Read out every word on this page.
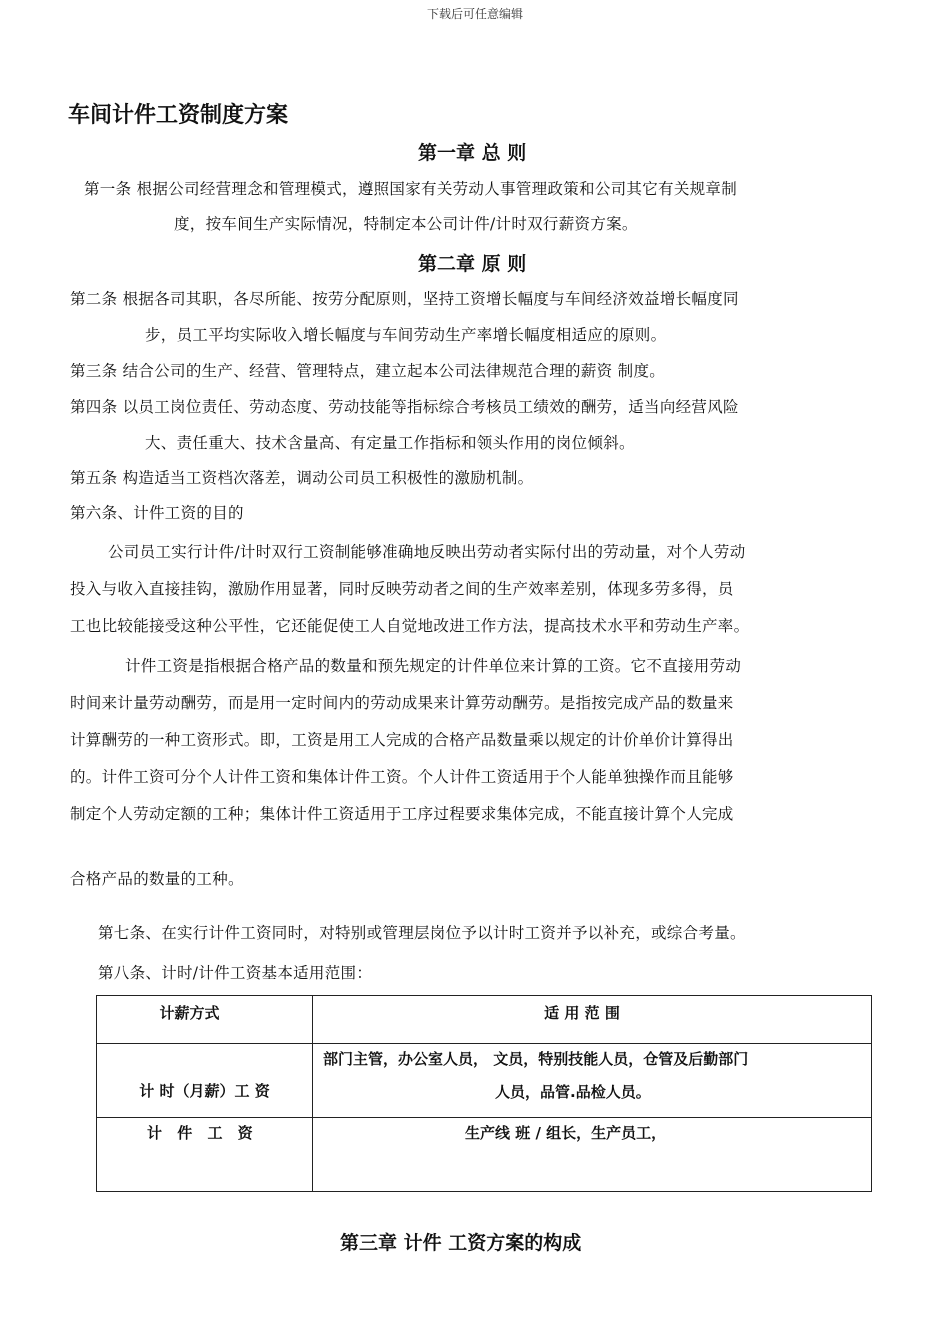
下载后可任意编辑
车间计件工资制度方案
第一章 总 则
第一条 根据公司经营理念和管理模式，遵照国家有关劳动人事管理政策和公司其它有关规章制
度，按车间生产实际情况，特制定本公司计件/计时双行薪资方案。
第二章 原 则
第二条 根据各司其职，各尽所能、按劳分配原则，坚持工资增长幅度与车间经济效益增长幅度同
步，员工平均实际收入增长幅度与车间劳动生产率增长幅度相适应的原则。
第三条 结合公司的生产、经营、管理特点，建立起本公司法律规范合理的薪资 制度。
第四条 以员工岗位责任、劳动态度、劳动技能等指标综合考核员工绩效的酬劳，适当向经营风险
大、责任重大、技术含量高、有定量工作指标和领头作用的岗位倾斜。
第五条 构造适当工资档次落差，调动公司员工积极性的激励机制。
第六条、计件工资的目的
公司员工实行计件/计时双行工资制能够准确地反映出劳动者实际付出的劳动量，对个人劳动
投入与收入直接挂钩，激励作用显著，同时反映劳动者之间的生产效率差别，体现多劳多得，员
工也比较能接受这种公平性，它还能促使工人自觉地改进工作方法，提高技术水平和劳动生产率。
计件工资是指根据合格产品的数量和预先规定的计件单位来计算的工资。它不直接用劳动
时间来计量劳动酬劳，而是用一定时间内的劳动成果来计算劳动酬劳。是指按完成产品的数量来
计算酬劳的一种工资形式。即，工资是用工人完成的合格产品数量乘以规定的计价单价计算得出
的。计件工资可分个人计件工资和集体计件工资。个人计件工资适用于个人能单独操作而且能够
制定个人劳动定额的工种；集体计件工资适用于工序过程要求集体完成，不能直接计算个人完成
合格产品的数量的工种。
第七条、在实行计件工资同时，对特别或管理层岗位予以计时工资并予以补充，或综合考量。
第八条、计时/计件工资基本适用范围：
计薪方式	适 用 范 围

计 时（月薪）工 资	部门主管，办公室人员， 文员，特别技能人员，仓管及后勤部门
人员，品管.品检人员。

计 件 工 资	生产线 班 / 组长，生产员工，
第三章 计件 工资方案的构成
